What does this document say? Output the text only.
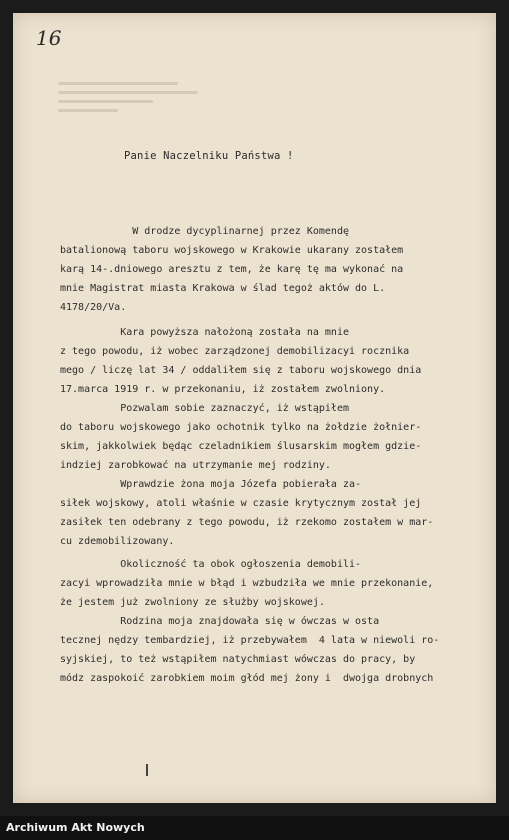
16
Panie Naczelniku Państwa !
W drodze dycyplinarnej przez Komendę
batalionową taboru wojskowego w Krakowie ukarany zostałem
karą 14-.dniowego aresztu z tem, że karę tę ma wykonać na
mnie Magistrat miasta Krakowa w ślad tegoż aktów do L.
4178/20/Va.
Kara powyższa nałożoną została na mnie
z tego powodu, iż wobec zarządzonej demobilizacyi rocznika
mego / liczę lat 34 / oddaliłem się z taboru wojskowego dnia
17.marca 1919 r. w przekonaniu, iż zostałem zwolniony.
Pozwalam sobie zaznaczyć, iż wstąpiłem
do taboru wojskowego jako ochotnik tylko na żołdzie żołnier-
skim, jakkolwiek będąc czeladnikiem ślusarskim mogłem gdzie-
indziej zarobkować na utrzymanie mej rodziny.
Wprawdzie żona moja Józefa pobierała za-
siłek wojskowy, atoli właśnie w czasie krytycznym został jej
zasiłek ten odebrany z tego powodu, iż rzekomo zostałem w mar-
cu zdemobilizowany.
Okoliczność ta obok ogłoszenia demobili-
zacyi wprowadziła mnie w błąd i wzbudziła we mnie przekonanie,
że jestem już zwolniony ze służby wojskowej.
Rodzina moja znajdowała się w ówczas w osta
tecznej nędzy tembardziej, iż przebywałem  4 lata w niewoli ro-
syjskiej, to też wstąpiłem natychmiast wówczas do pracy, by
módz zaspokoić zarobkiem moim głód mej żony i  dwojga drobnych
Archiwum Akt Nowych
